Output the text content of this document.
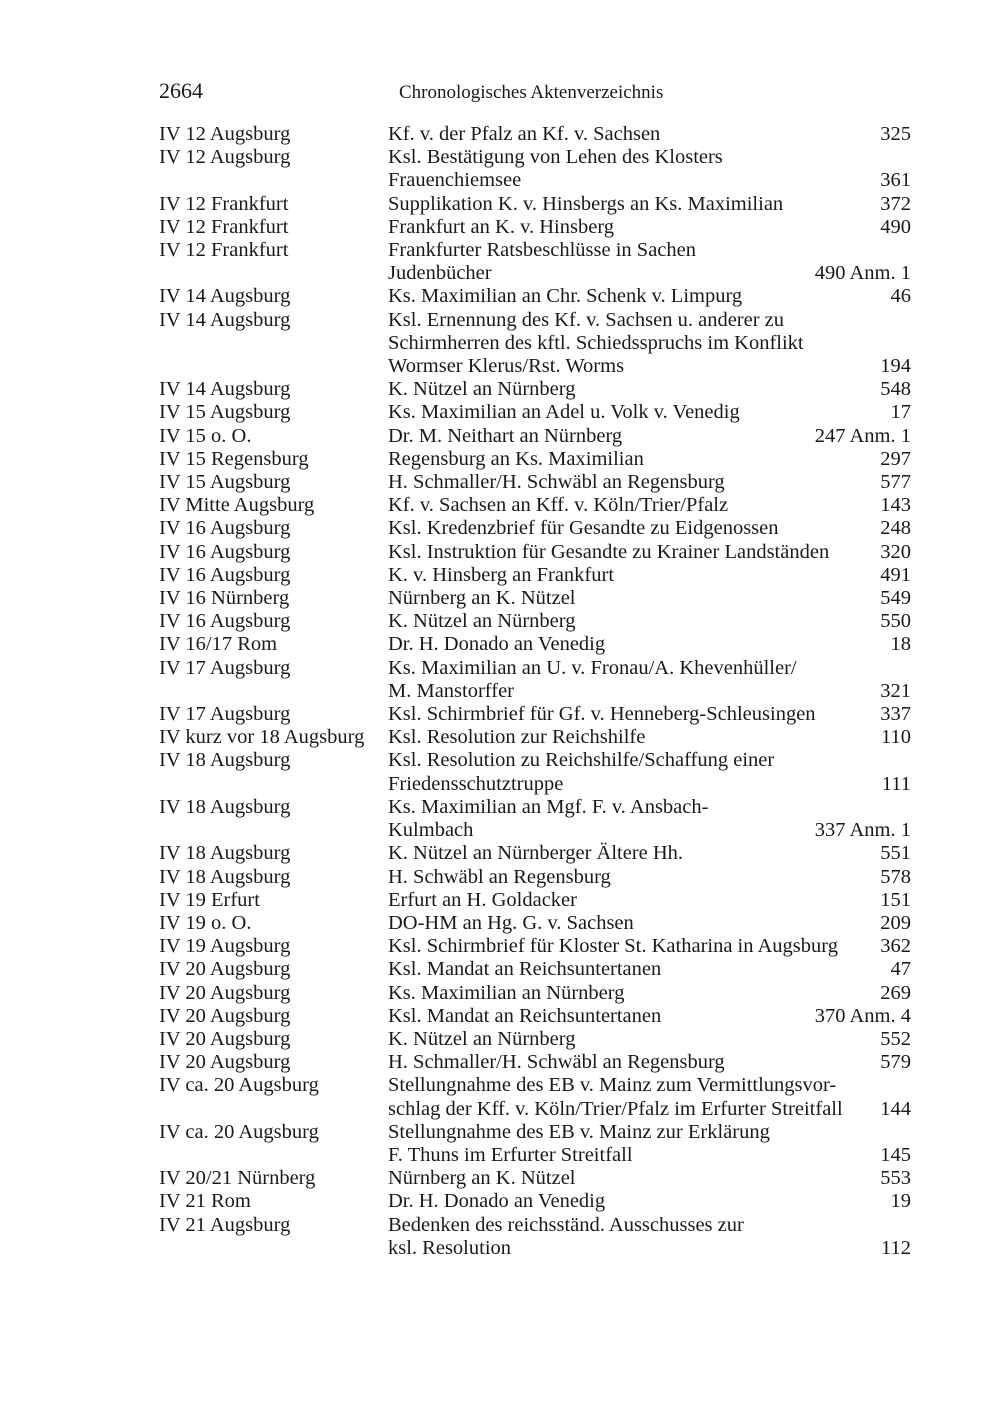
2664	Chronologisches Aktenverzeichnis
IV 12 Augsburg	Kf. v. der Pfalz an Kf. v. Sachsen	325
IV 12 Augsburg	Ksl. Bestätigung von Lehen des Klosters
Frauenchiemsee	361
IV 12 Frankfurt	Supplikation K. v. Hinsbergs an Ks. Maximilian	372
IV 12 Frankfurt	Frankfurt an K. v. Hinsberg	490
IV 12 Frankfurt	Frankfurter Ratsbeschlüsse in Sachen
Judenbücher	490 Anm. 1
IV 14 Augsburg	Ks. Maximilian an Chr. Schenk v. Limpurg	46
IV 14 Augsburg	Ksl. Ernennung des Kf. v. Sachsen u. anderer zu
Schirmherren des kftl. Schiedsspruchs im Konflikt
Wormser Klerus/Rst. Worms	194
IV 14 Augsburg	K. Nützel an Nürnberg	548
IV 15 Augsburg	Ks. Maximilian an Adel u. Volk v. Venedig	17
IV 15 o. O.	Dr. M. Neithart an Nürnberg	247 Anm. 1
IV 15 Regensburg	Regensburg an Ks. Maximilian	297
IV 15 Augsburg	H. Schmaller/H. Schwäbl an Regensburg	577
IV Mitte Augsburg	Kf. v. Sachsen an Kff. v. Köln/Trier/Pfalz	143
IV 16 Augsburg	Ksl. Kredenzbrief für Gesandte zu Eidgenossen	248
IV 16 Augsburg	Ksl. Instruktion für Gesandte zu Krainer Landständen 320
IV 16 Augsburg	K. v. Hinsberg an Frankfurt	491
IV 16 Nürnberg	Nürnberg an K. Nützel	549
IV 16 Augsburg	K. Nützel an Nürnberg	550
IV 16/17 Rom	Dr. H. Donado an Venedig	18
IV 17 Augsburg	Ks. Maximilian an U. v. Fronau/A. Khevenhüller/
M. Manstorffer	321
IV 17 Augsburg	Ksl. Schirmbrief für Gf. v. Henneberg-Schleusingen	337
IV kurz vor 18 Augsburg Ksl. Resolution zur Reichshilfe	110
IV 18 Augsburg	Ksl. Resolution zu Reichshilfe/Schaffung einer
Friedensschutztruppe	111
IV 18 Augsburg	Ks. Maximilian an Mgf. F. v. Ansbach-
Kulmbach	337 Anm. 1
IV 18 Augsburg	K. Nützel an Nürnberger Ältere Hh.	551
IV 18 Augsburg	H. Schwäbl an Regensburg	578
IV 19 Erfurt	Erfurt an H. Goldacker	151
IV 19 o. O.	DO-HM an Hg. G. v. Sachsen	209
IV 19 Augsburg	Ksl. Schirmbrief für Kloster St. Katharina in Augsburg 362
IV 20 Augsburg	Ksl. Mandat an Reichsuntertanen	47
IV 20 Augsburg	Ks. Maximilian an Nürnberg	269
IV 20 Augsburg	Ksl. Mandat an Reichsuntertanen	370 Anm. 4
IV 20 Augsburg	K. Nützel an Nürnberg	552
IV 20 Augsburg	H. Schmaller/H. Schwäbl an Regensburg	579
IV ca. 20 Augsburg	Stellungnahme des EB v. Mainz zum Vermittlungsvor-
schlag der Kff. v. Köln/Trier/Pfalz im Erfurter Streitfall 144
IV ca. 20 Augsburg	Stellungnahme des EB v. Mainz zur Erklärung
F. Thuns im Erfurter Streitfall	145
IV 20/21 Nürnberg	Nürnberg an K. Nützel	553
IV 21 Rom	Dr. H. Donado an Venedig	19
IV 21 Augsburg	Bedenken des reichsständ. Ausschusses zur
ksl. Resolution	112
